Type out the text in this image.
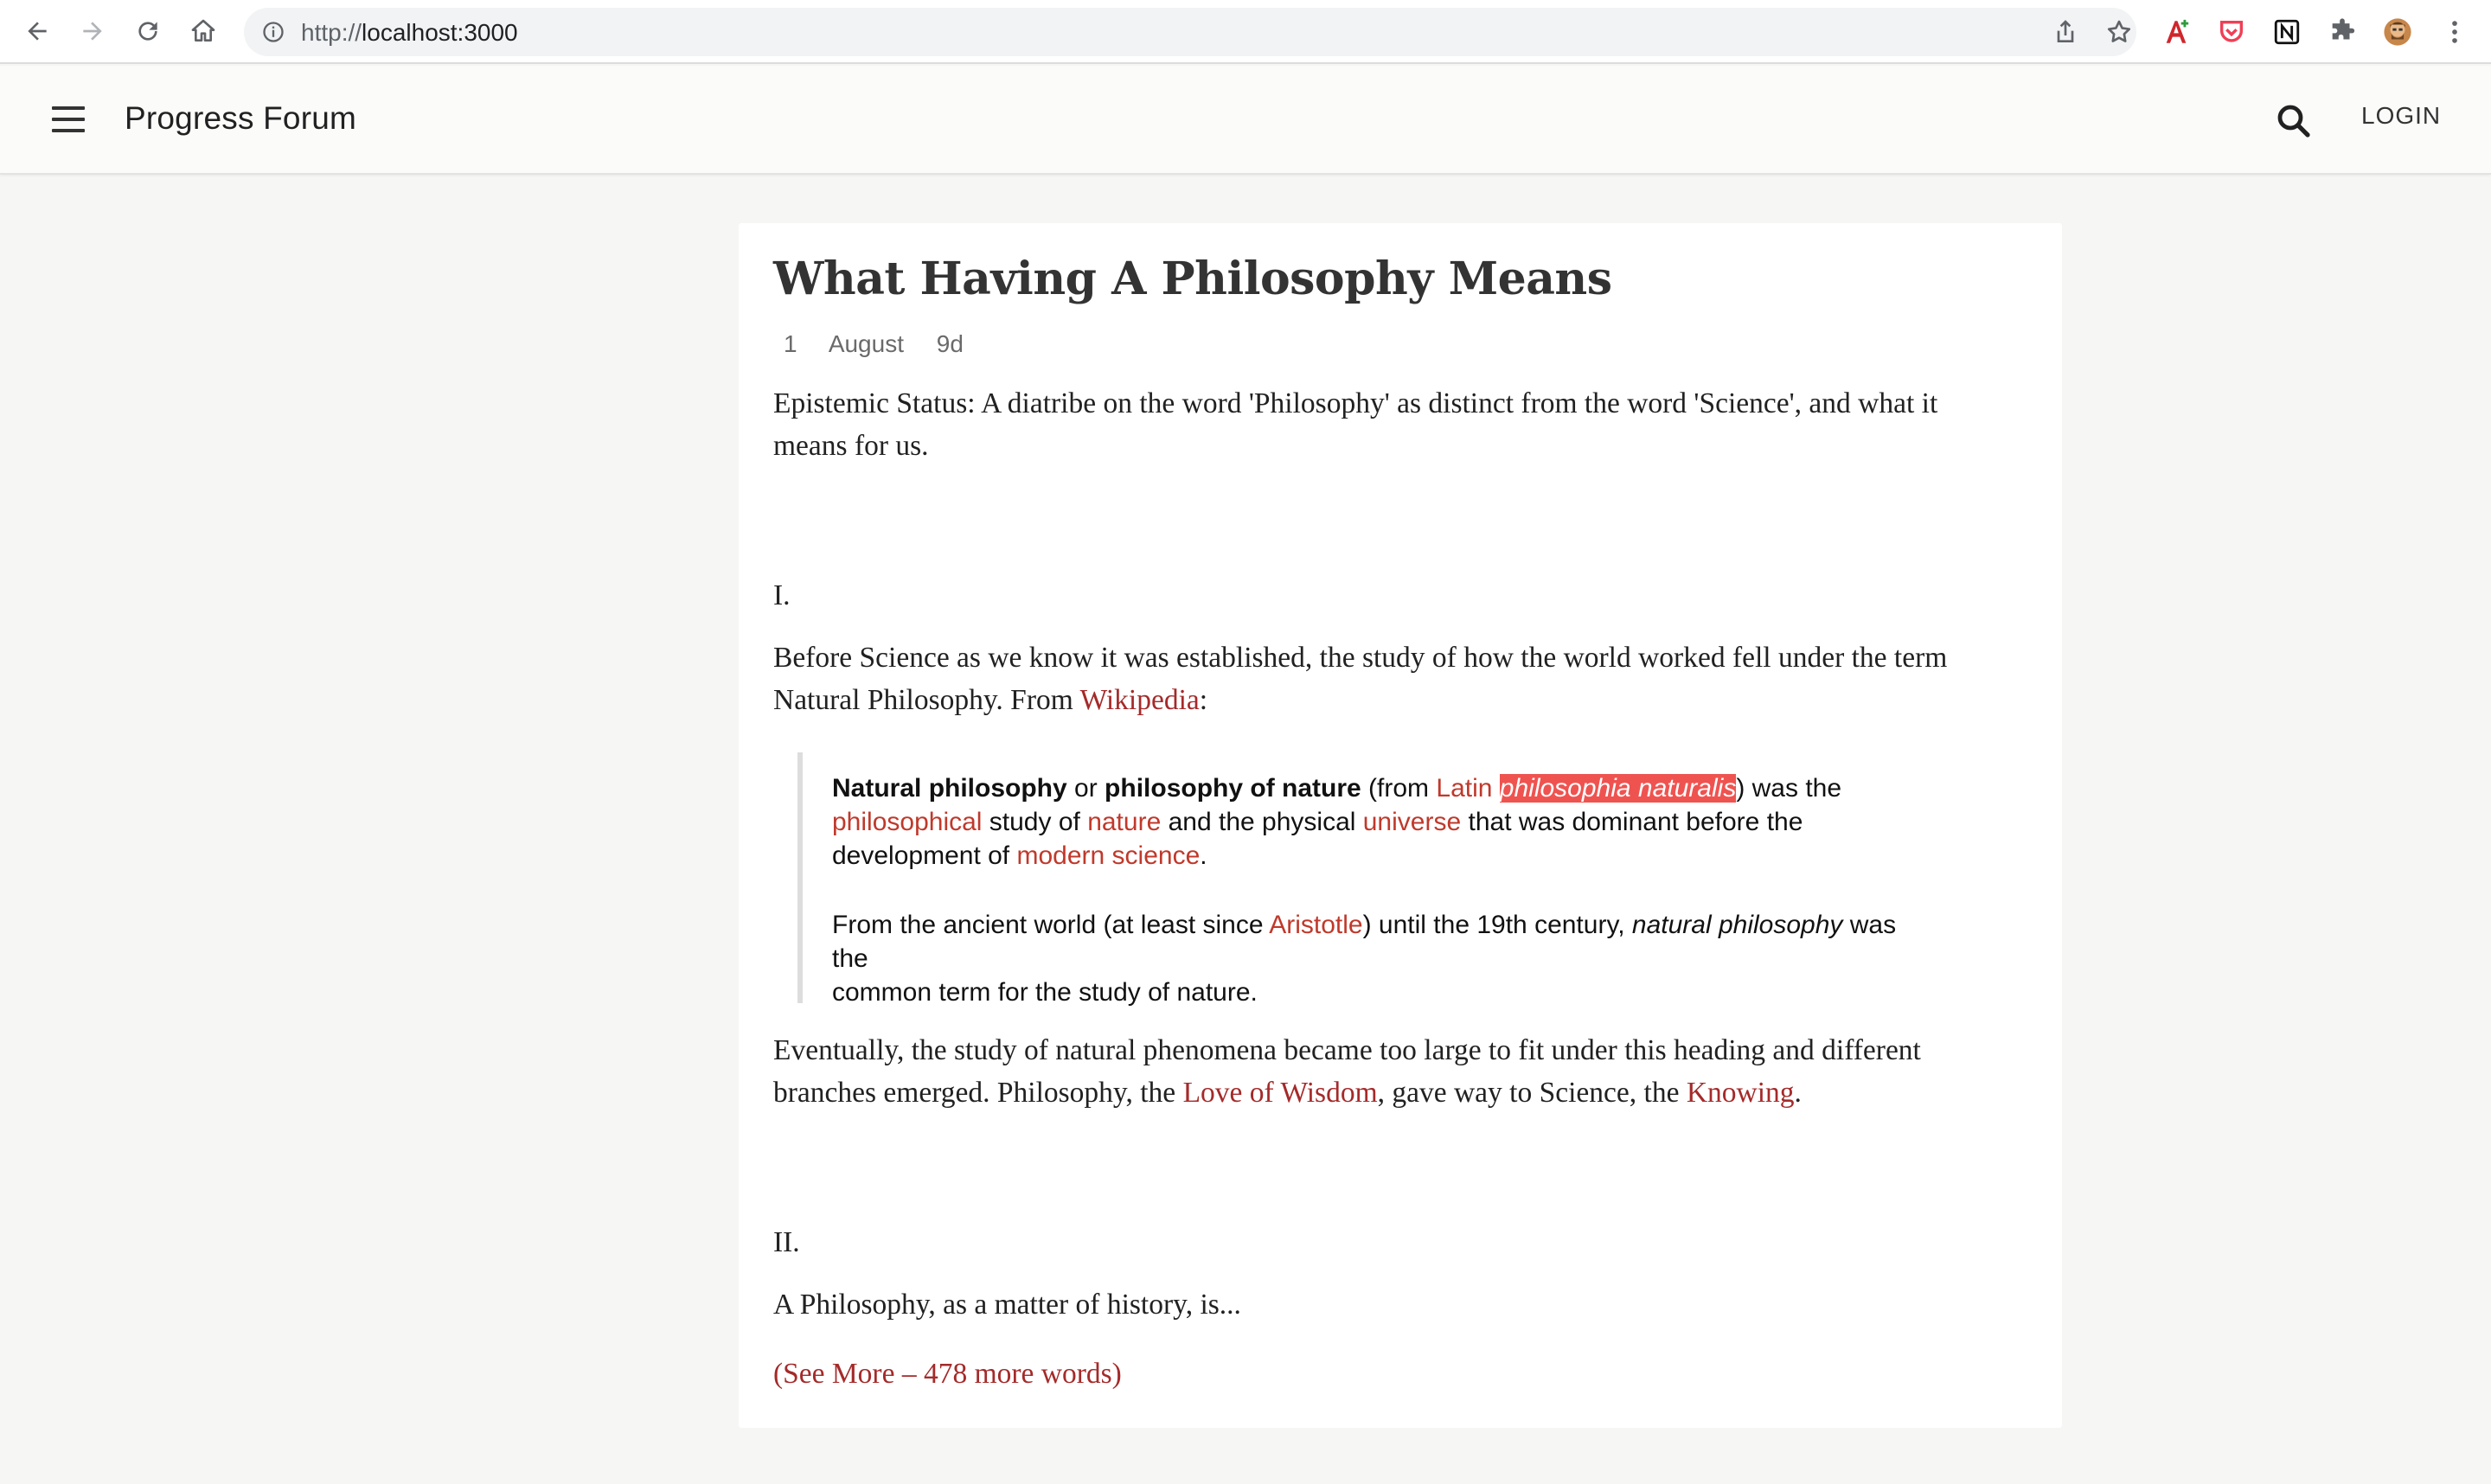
http://localhost:3000
Progress Forum	LOGIN
What Having A Philosophy Means
1 August 9d
Epistemic Status: A diatribe on the word 'Philosophy' as distinct from the word 'Science', and what it
means for us.
I.
Before Science as we know it was established, the study of how the world worked fell under the term
Natural Philosophy. From Wikipedia:
Natural philosophy or philosophy of nature (from Latin philosophia naturalis) was the
philosophical study of nature and the physical universe that was dominant before the
development of modern science.
From the ancient world (at least since Aristotle) until the 19th century, natural philosophy was the
common term for the study of nature.
Eventually, the study of natural phenomena became too large to fit under this heading and different
branches emerged. Philosophy, the Love of Wisdom, gave way to Science, the Knowing.
II.
A Philosophy, as a matter of history, is...
(See More – 478 more words)
